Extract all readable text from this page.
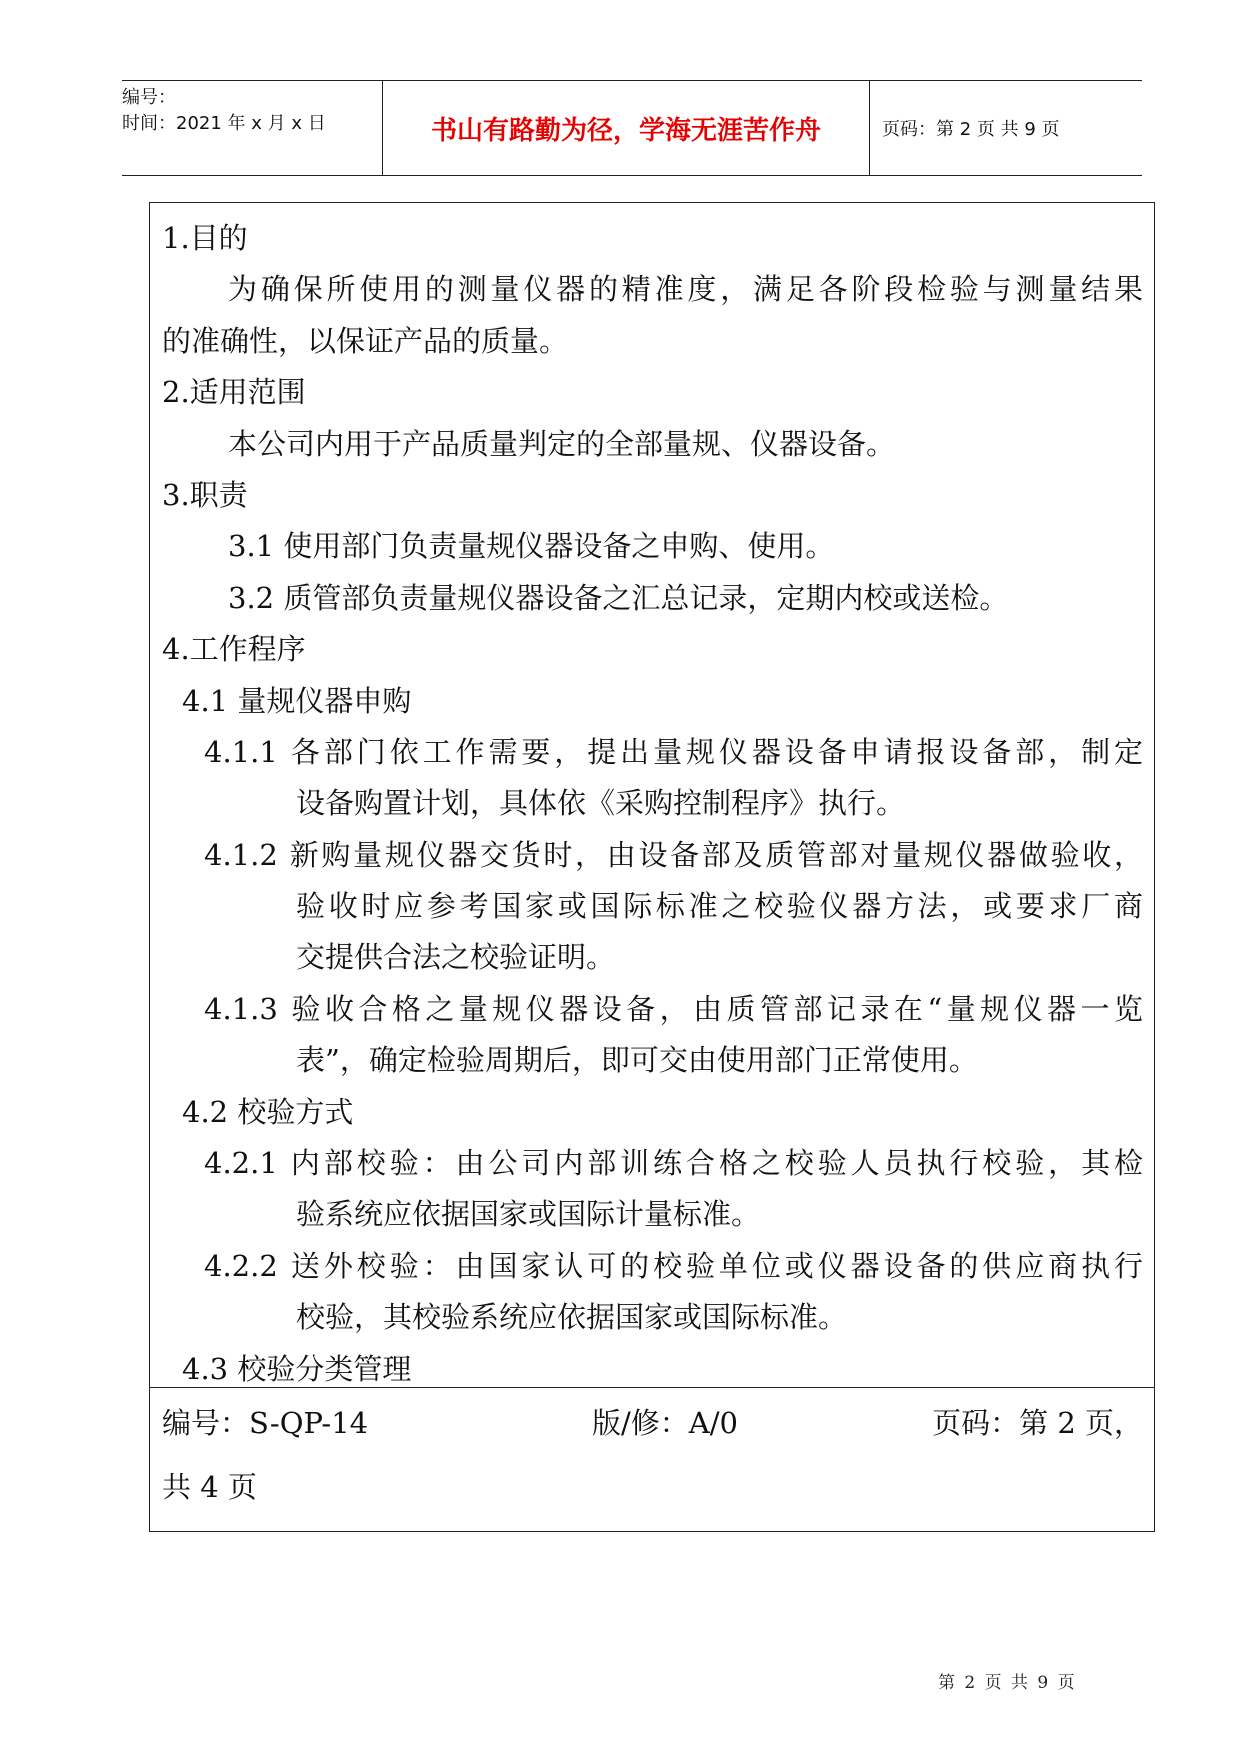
编号：
时间：2021 年 x 月 x 日	书山有路勤为径，学海无涯苦作舟	页码：第 2 页 共 9 页
1.目的
为确保所使用的测量仪器的精准度，满足各阶段检验与测量结果
的准确性，以保证产品的质量。
2.适用范围
本公司内用于产品质量判定的全部量规、仪器设备。
3.职责
3.1 使用部门负责量规仪器设备之申购、使用。
3.2 质管部负责量规仪器设备之汇总记录，定期内校或送检。
4.工作程序
4.1 量规仪器申购
4.1.1 各部门依工作需要，提出量规仪器设备申请报设备部，制定
设备购置计划，具体依《采购控制程序》执行。
4.1.2 新购量规仪器交货时，由设备部及质管部对量规仪器做验收，
验收时应参考国家或国际标准之校验仪器方法，或要求厂商
交提供合法之校验证明。
4.1.3 验收合格之量规仪器设备，由质管部记录在“量规仪器一览
表”，确定检验周期后，即可交由使用部门正常使用。
4.2 校验方式
4.2.1 内部校验：由公司内部训练合格之校验人员执行校验，其检
验系统应依据国家或国际计量标准。
4.2.2 送外校验：由国家认可的校验单位或仪器设备的供应商执行
校验，其校验系统应依据国家或国际标准。
4.3 校验分类管理
编号：S-QP-14	版/修：A/0	页码：第 2 页，
共 4 页
第 2 页 共 9 页
